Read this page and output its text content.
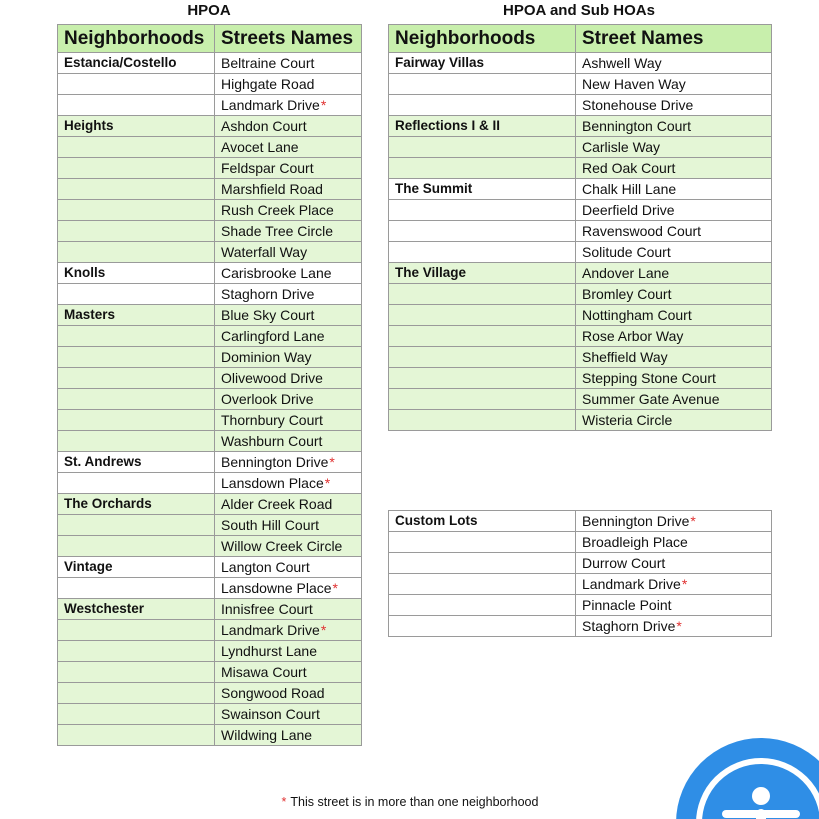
HPOA	HPOA and Sub HOAs
Neighborhoods	Streets Names
Estancia/Costello	Beltraine Court
	Highgate Road
	Landmark Drive*
Heights	Ashdon Court
	Avocet Lane
	Feldspar Court
	Marshfield Road
	Rush Creek Place
	Shade Tree Circle
	Waterfall Way
Knolls	Carisbrooke Lane
	Staghorn Drive
Masters	Blue Sky Court
	Carlingford Lane
	Dominion Way
	Olivewood Drive
	Overlook Drive
	Thornbury Court
	Washburn Court
St. Andrews	Bennington Drive*
	Lansdown Place*
The Orchards	Alder Creek Road
	South Hill Court
	Willow Creek Circle
Vintage	Langton Court
	Lansdowne Place*
Westchester	Innisfree Court
	Landmark Drive*
	Lyndhurst Lane
	Misawa Court
	Songwood Road
	Swainson Court
	Wildwing Lane
Neighborhoods	Street Names
Fairway Villas	Ashwell Way
	New Haven Way
	Stonehouse Drive
Reflections I & II	Bennington Court
	Carlisle Way
	Red Oak Court
The Summit	Chalk Hill Lane
	Deerfield Drive
	Ravenswood Court
	Solitude Court
The Village	Andover Lane
	Bromley Court
	Nottingham Court
	Rose Arbor Way
	Sheffield Way
	Stepping Stone Court
	Summer Gate Avenue
	Wisteria Circle
Custom Lots	Bennington Drive*
	Broadleigh Place
	Durrow Court
	Landmark Drive*
	Pinnacle Point
	Staghorn Drive*
* This street is in more than one neighborhood
